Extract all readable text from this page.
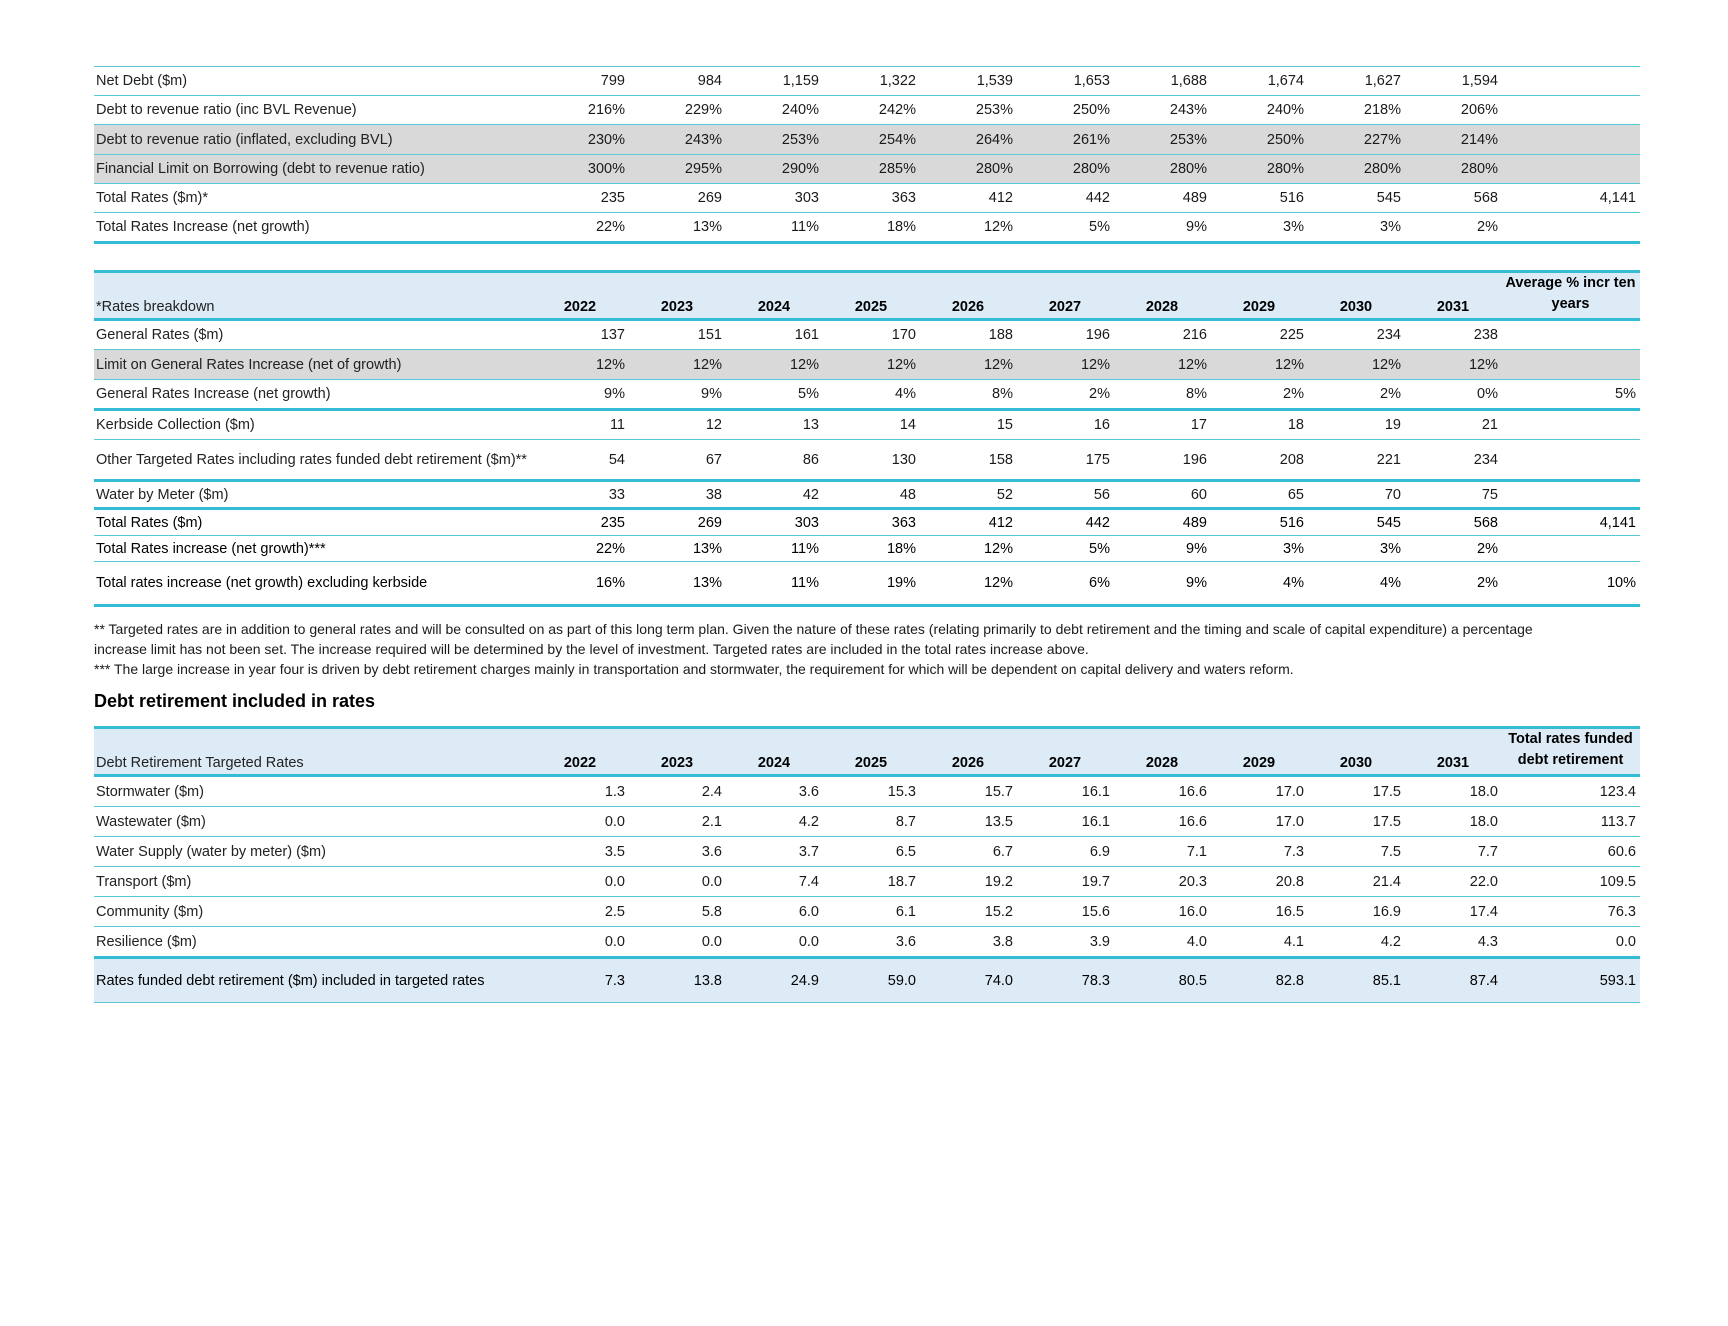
Net Debt ($m)	799	984	1,159	1,322	1,539	1,653	1,688	1,674	1,627	1,594	
Debt to revenue ratio (inc BVL Revenue)	216%	229%	240%	242%	253%	250%	243%	240%	218%	206%	
Debt to revenue ratio (inflated, excluding BVL)	230%	243%	253%	254%	264%	261%	253%	250%	227%	214%	
Financial Limit on Borrowing (debt to revenue ratio)	300%	295%	290%	285%	280%	280%	280%	280%	280%	280%	
Total Rates ($m)*	235	269	303	363	412	442	489	516	545	568	4,141
Total Rates Increase (net growth)	22%	13%	11%	18%	12%	5%	9%	3%	3%	2%	
*Rates breakdown	2022	2023	2024	2025	2026	2027	2028	2029	2030	2031	Average % incr ten years
General Rates ($m)	137	151	161	170	188	196	216	225	234	238	
Limit on General Rates Increase (net of growth)	12%	12%	12%	12%	12%	12%	12%	12%	12%	12%	
General Rates Increase (net growth)	9%	9%	5%	4%	8%	2%	8%	2%	2%	0%	5%
Kerbside Collection ($m)	11	12	13	14	15	16	17	18	19	21	
Other Targeted Rates including rates funded debt retirement ($m)**	54	67	86	130	158	175	196	208	221	234	
Water by Meter ($m)	33	38	42	48	52	56	60	65	70	75	
Total Rates ($m)	235	269	303	363	412	442	489	516	545	568	4,141
Total Rates increase (net growth)***	22%	13%	11%	18%	12%	5%	9%	3%	3%	2%	
Total rates increase (net growth) excluding kerbside	16%	13%	11%	19%	12%	6%	9%	4%	4%	2%	10%

** Targeted rates are in addition to general rates and will be consulted on as part of this long term plan. Given the nature of these rates (relating primarily to debt retirement and the timing and scale of capital expenditure) a percentage increase limit has not been set. The increase required will be determined by the level of investment. Targeted rates are included in the total rates increase above.

*** The large increase in year four is driven by debt retirement charges mainly in transportation and stormwater, the requirement for which will be dependent on capital delivery and waters reform.

Debt retirement included in rates
Debt Retirement Targeted Rates	2022	2023	2024	2025	2026	2027	2028	2029	2030	2031	Total rates funded debt retirement
Stormwater ($m)	1.3	2.4	3.6	15.3	15.7	16.1	16.6	17.0	17.5	18.0	123.4
Wastewater ($m)	0.0	2.1	4.2	8.7	13.5	16.1	16.6	17.0	17.5	18.0	113.7
Water Supply (water by meter) ($m)	3.5	3.6	3.7	6.5	6.7	6.9	7.1	7.3	7.5	7.7	60.6
Transport ($m)	0.0	0.0	7.4	18.7	19.2	19.7	20.3	20.8	21.4	22.0	109.5
Community ($m)	2.5	5.8	6.0	6.1	15.2	15.6	16.0	16.5	16.9	17.4	76.3
Resilience ($m)	0.0	0.0	0.0	3.6	3.8	3.9	4.0	4.1	4.2	4.3	0.0
Rates funded debt retirement ($m) included in targeted rates	7.3	13.8	24.9	59.0	74.0	78.3	80.5	82.8	85.1	87.4	593.1
